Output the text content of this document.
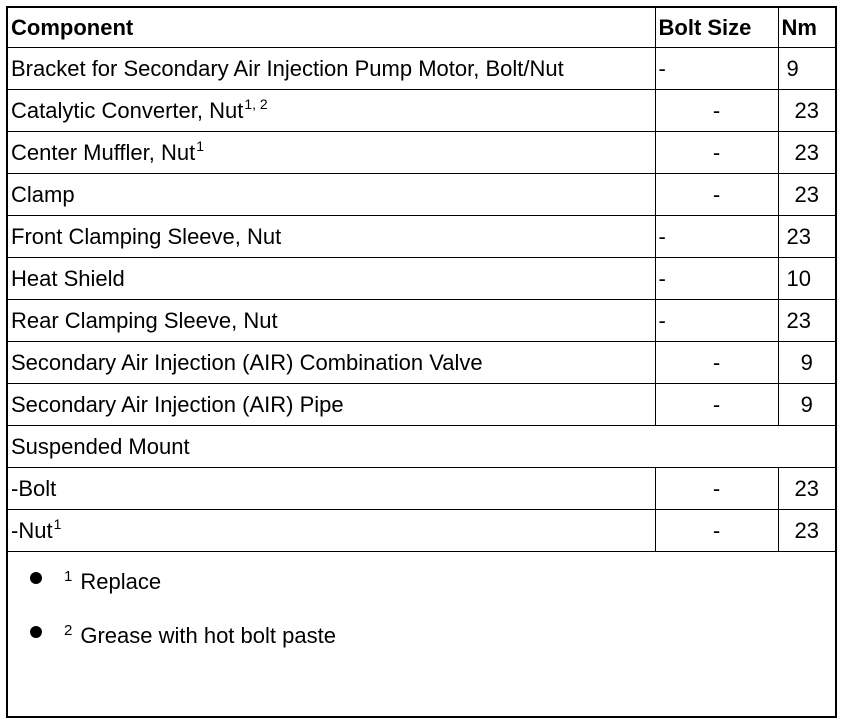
Component	Bolt Size	Nm
Bracket for Secondary Air Injection Pump Motor, Bolt/Nut	-	9
Catalytic Converter, Nut$^{1, 2}$	-	23
Center Muffler, Nut$^1$	-	23
Clamp	-	23
Front Clamping Sleeve, Nut	-	23
Heat Shield	-	10
Rear Clamping Sleeve, Nut	-	23
Secondary Air Injection (AIR) Combination Valve	-	9
Secondary Air Injection (AIR) Pipe	-	9
Suspended Mount		
-Bolt	-	23
-Nut$^1$	-	23
$^1$ Replace
$^2$ Grease with hot bolt paste
